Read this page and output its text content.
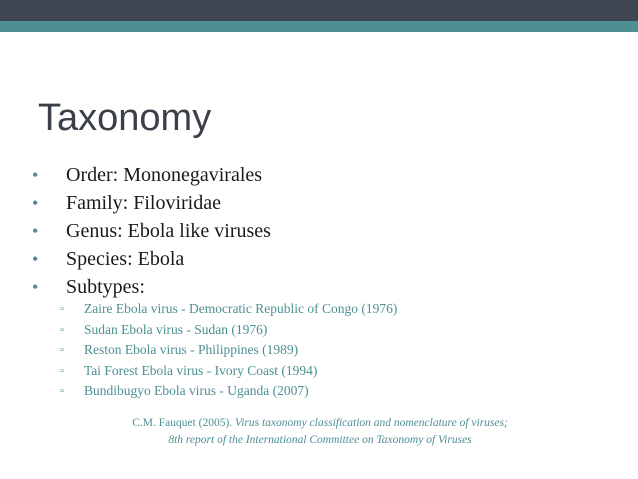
Taxonomy
•	Order: Mononegavirales
•	Family: Filoviridae
•	Genus: Ebola like viruses
•	Species: Ebola
•	Subtypes:
▫ Zaire Ebola virus - Democratic Republic of Congo (1976)
▫ Sudan Ebola virus - Sudan (1976)
▫ Reston Ebola virus - Philippines (1989)
▫ Tai Forest Ebola virus - Ivory Coast (1994)
▫ Bundibugyo Ebola virus - Uganda (2007)
C.M. Fauquet (2005). Virus taxonomy classification and nomenclature of viruses;
8th report of the International Committee on Taxonomy of Viruses
